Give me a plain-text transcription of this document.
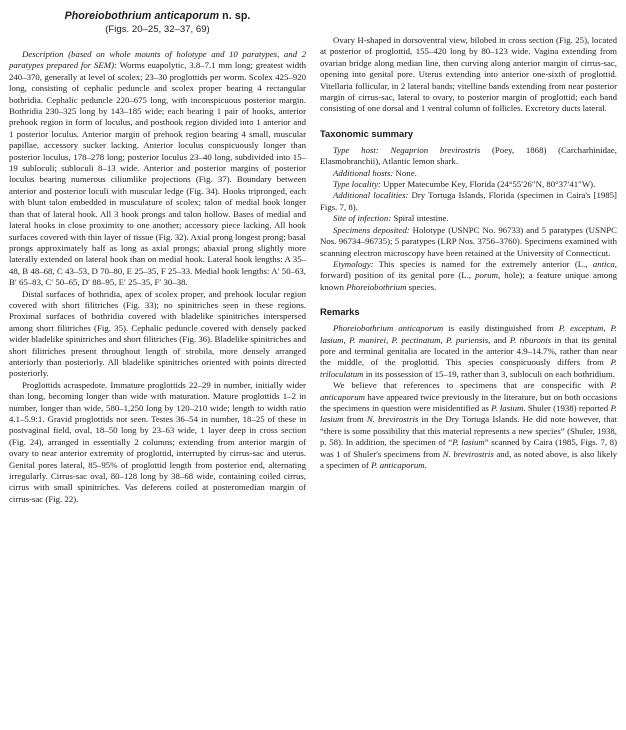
Phoreiobothrium anticaporum n. sp.
(Figs. 20–25, 32–37, 69)

Description (based on whole mounts of holotype and 10 paratypes, and 2 paratypes prepared for SEM): Worms euapolytic, 3.8–7.1 mm long; greatest width 240–370, generally at level of scolex; 23–30 proglottids per worm. Scolex 425–920 long, consisting of cephalic peduncle and scolex proper bearing 4 rectangular bothridia. Cephalic peduncle 220–675 long, with inconspicuous posterior margin. Bothridia 230–325 long by 143–185 wide; each bearing 1 pair of hooks, anterior prehook region in form of loculus, and posthook region divided into 1 anterior and 1 posterior loculus. Anterior margin of prehook region bearing 4 small, muscular papillae, accessory sucker lacking. Anterior loculus conspicuously longer than posterior loculus, 178–278 long; posterior loculus 23–40 long, subdivided into 15–19 subloculi; subloculi 8–13 wide. Anterior and posterior margins of posterior loculus bearing numerous ciliumlike projections (Fig. 37). Boundary between anterior and posterior loculi with muscular ledge (Fig. 34). Hooks tripronged, each with blunt talon embedded in musculature of scolex; talon of medial hook longer than that of lateral hook. All 3 hook prongs and talon hollow. Bases of medial and lateral hooks in close proximity to one another; accessory piece lacking. All hook surfaces covered with thin layer of tissue (Fig. 32). Axial prong longest prong; basal prongs approximately half as long as axial prongs; abaxial prong slightly more laterally extended on lateral hook than on medial hook. Lateral hook lengths: A 35–48, B 48–68, C 43–53, D 70–80, E 25–35, F 25–33. Medial hook lengths: A′ 50–63, B′ 65–83, C′ 50–65, D′ 88–95, E′ 25–35, F′ 30–38.

Distal surfaces of bothridia, apex of scolex proper, and prehook locular region covered with short filitriches (Fig. 33); no spinitriches seen in these regions. Proximal surfaces of bothridia covered with bladelike spinitriches interspersed among short filitriches (Fig. 35). Cephalic peduncle covered with densely packed wider bladelike spinitriches and short filitriches (Fig. 36). Bladelike spinitriches and short filitriches present throughout length of strobila, more densely arranged anteriorly than posteriorly. All bladelike spinitriches oriented with points directed posteriorly.

Proglottids acraspedote. Immature proglottids 22–29 in number, initially wider than long, becoming longer than wide with maturation. Mature proglottids 1–2 in number, longer than wide, 580–1,250 long by 120–210 wide; length to width ratio 4.1–5.9:1. Gravid proglottids not seen. Testes 36–54 in number, 18–25 of these in postvaginal field, oval, 18–50 long by 23–63 wide, 1 layer deep in cross section (Fig. 24), arranged in essentially 2 columns; extending from anterior margin of ovary to near anterior extremity of proglottid, interrupted by cirrus-sac and uterus. Genital pores lateral, 85–95% of proglottid length from posterior end, alternating irregularly. Cirrus-sac oval, 80–128 long by 38–68 wide, containing coiled cirrus, cirrus with small spinitriches. Vas deferens coiled at posteromedian margin of cirrus-sac (Fig. 22).

Ovary H-shaped in dorsoventral view, bilobed in cross section (Fig. 25), located at posterior of proglottid, 155–420 long by 80–123 wide. Vagina extending from ovarian bridge along median line, then curving along anterior margin of cirrus-sac, opening into genital pore. Uterus extending into anterior one-sixth of proglottid. Vitellaria follicular, in 2 lateral bands; vitelline bands extending from near posterior margin of cirrus-sac, lateral to ovary, to posterior margin of proglottid; each band consisting of one dorsal and 1 ventral column of follicles. Excretory ducts lateral.

Taxonomic summary

Type host: Negaprion brevirostris (Poey, 1868) (Carcharhinidae, Elasmobranchii), Atlantic lemon shark.

Additional hosts: None.

Type locality: Upper Matecumbe Key, Florida (24°55′26″N, 80°37′41″W).

Additional localities: Dry Tortuga Islands, Florida (specimen in Caira's [1985] Figs. 7, 8).

Site of infection: Spiral intestine.

Specimens deposited: Holotype (USNPC No. 96733) and 5 paratypes (USNPC Nos. 96734–96735); 5 paratypes (LRP Nos. 3756–3760). Specimens examined with scanning electron microscopy have been retained at the University of Connecticut.

Etymology: This species is named for the extremely anterior (L., antica, forward) position of its genital pore (L., porum, hole); a feature unique among known Phoreiobothrium species.

Remarks

Phoreiobothrium anticaporum is easily distinguished from P. exceptum, P. lasium, P. manirei, P. pectinatum, P. puriensis, and P. tiburonis in that its genital pore and terminal genitalia are located in the anterior 4.9–14.7%, rather than near the middle, of the proglottid. This species conspicuously differs from P. triloculatum in its possession of 15–19, rather than 3, subloculi on each bothridium.

We believe that references to specimens that are conspecific with P. anticaporum have appeared twice previously in the literature, but on both occasions the specimens in question were misidentified as P. lasium. Shuler (1938) reported P. lasium from N. brevirostris in the Dry Tortuga Islands. He did note however, that “there is some possibility that this material represents a new species” (Shuler, 1938, p. 58). In addition, the specimen of “P. lasium” scanned by Caira (1985, Figs. 7, 8) was 1 of Shuler's specimens from N. brevirostris and, as noted above, is also likely a specimen of P. anticaporum.
